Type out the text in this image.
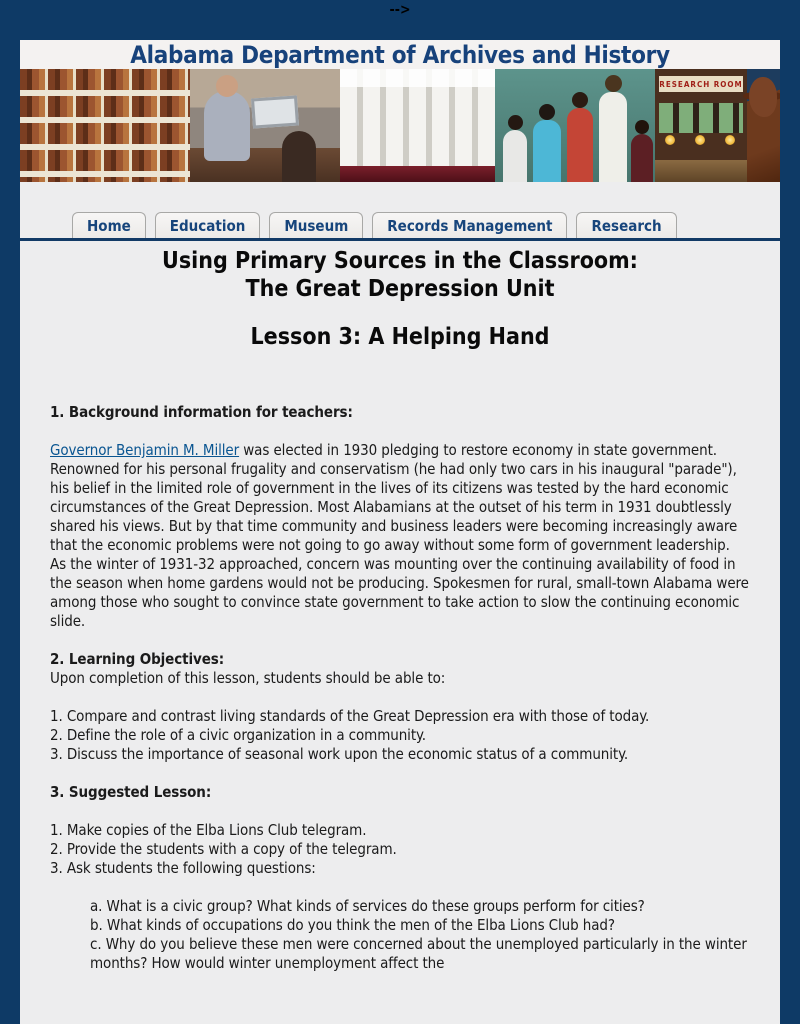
-->
Alabama Department of Archives and History
RESEARCH ROOM
Home	Education	Museum	Records Management	Research
Using Primary Sources in the Classroom:
The Great Depression Unit
Lesson 3: A Helping Hand
1. Background information for teachers:

Governor Benjamin M. Miller was elected in 1930 pledging to restore economy in state government. Renowned for his personal frugality and conservatism (he had only two cars in his inaugural "parade"), his belief in the limited role of government in the lives of its citizens was tested by the hard economic circumstances of the Great Depression. Most Alabamians at the outset of his term in 1931 doubtlessly shared his views. But by that time community and business leaders were becoming increasingly aware that the economic problems were not going to go away without some form of government leadership. As the winter of 1931-32 approached, concern was mounting over the continuing availability of food in the season when home gardens would not be producing. Spokesmen for rural, small-town Alabama were among those who sought to convince state government to take action to slow the continuing economic slide.

2. Learning Objectives:
Upon completion of this lesson, students should be able to:
1. Compare and contrast living standards of the Great Depression era with those of today.
2. Define the role of a civic organization in a community.
3. Discuss the importance of seasonal work upon the economic status of a community.
3. Suggested Lesson:
1. Make copies of the Elba Lions Club telegram.
2. Provide the students with a copy of the telegram.
3. Ask students the following questions:
a. What is a civic group? What kinds of services do these groups perform for cities?
b. What kinds of occupations do you think the men of the Elba Lions Club had?
c. Why do you believe these men were concerned about the unemployed particularly in the winter months? How would winter unemployment affect the
